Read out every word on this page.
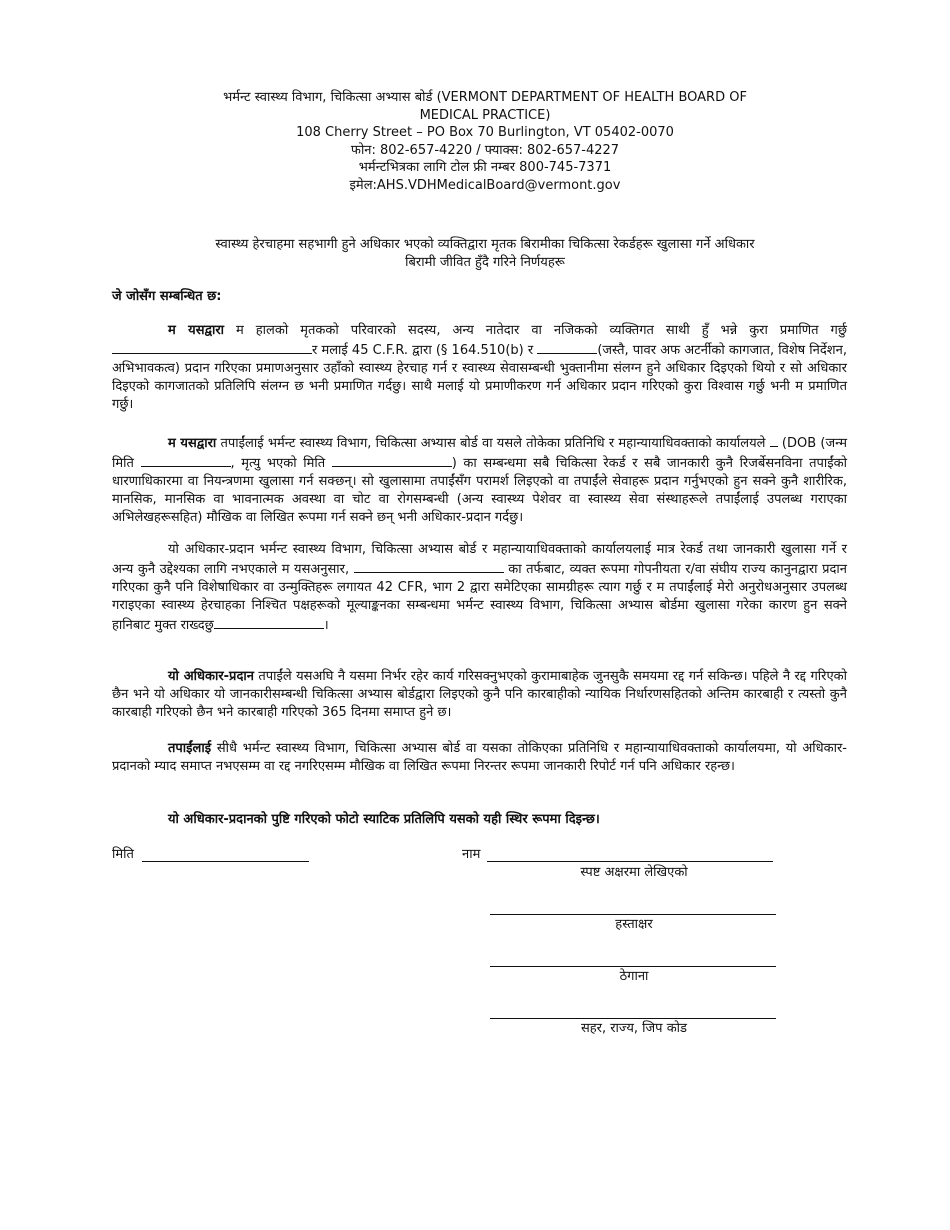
भर्मन्ट स्वास्थ्य विभाग, चिकित्सा अभ्यास बोर्ड (VERMONT DEPARTMENT OF HEALTH BOARD OF
MEDICAL PRACTICE)
108 Cherry Street – PO Box 70 Burlington, VT 05402-0070
फोन: 802-657-4220 / फ्याक्स: 802-657-4227
भर्मन्टभित्रका लागि टोल फ्री नम्बर 800-745-7371
इमेल:AHS.VDHMedicalBoard@vermont.gov
स्वास्थ्य हेरचाहमा सहभागी हुने अधिकार भएको व्यक्तिद्वारा मृतक बिरामीका चिकित्सा रेकर्डहरू खुलासा गर्ने अधिकार
बिरामी जीवित हुँदै गरिने निर्णयहरू
जे जोसँग सम्बन्धित छ:
म यसद्वारा म हालको मृतकको परिवारको सदस्य, अन्य नातेदार वा नजिकको व्यक्तिगत साथी हुँ भन्ने कुरा प्रमाणित गर्छु र मलाई 45 C.F.R. द्वारा (§ 164.510(b) र	(जस्तै, पावर अफ अटर्नीको कागजात, विशेष निर्देशन, अभिभावकत्व) प्रदान गरिएका प्रमाणअनुसार उहाँको स्वास्थ्य हेरचाह गर्न र स्वास्थ्य सेवासम्बन्धी भुक्तानीमा संलग्न हुने अधिकार दिइएको थियो र सो अधिकार दिइएको कागजातको प्रतिलिपि संलग्न छ भनी प्रमाणित गर्दछु। साथै मलाई यो प्रमाणीकरण गर्न अधिकार प्रदान गरिएको कुरा विश्वास गर्छु भनी म प्रमाणित गर्छु।
म यसद्वारा तपाईंलाई भर्मन्ट स्वास्थ्य विभाग, चिकित्सा अभ्यास बोर्ड वा यसले तोकेका प्रतिनिधि र महान्यायाधिवक्ताको कार्यालयले  (DOB (जन्म मिति	, मृत्यु भएको मिति	) का सम्बन्धमा सबै चिकित्सा रेकर्ड र सबै जानकारी कुनै रिजर्बेसनविना तपाईंको धारणाधिकारमा वा नियन्त्रणमा खुलासा गर्न सक्छन्। सो खुलासामा तपाईंसँग परामर्श लिइएको वा तपाईंले सेवाहरू प्रदान गर्नुभएको हुन सक्ने कुनै शारीरिक, मानसिक, मानसिक वा भावनात्मक अवस्था वा चोट वा रोगसम्बन्धी (अन्य स्वास्थ्य पेशेवर वा स्वास्थ्य सेवा संस्थाहरूले तपाईंलाई उपलब्ध गराएका अभिलेखहरूसहित) मौखिक वा लिखित रूपमा गर्न सक्ने छन् भनी अधिकार-प्रदान गर्दछु।
यो अधिकार-प्रदान भर्मन्ट स्वास्थ्य विभाग, चिकित्सा अभ्यास बोर्ड र महान्यायाधिवक्ताको कार्यालयलाई मात्र रेकर्ड तथा जानकारी खुलासा गर्ने र अन्य कुनै उद्देश्यका लागि नभएकाले म यसअनुसार,	का तर्फबाट, व्यक्त रूपमा गोपनीयता र/वा संघीय राज्य कानुनद्वारा प्रदान गरिएका कुनै पनि विशेषाधिकार वा उन्मुक्तिहरू लगायत 42 CFR, भाग 2 द्वारा समेटिएका सामग्रीहरू त्याग गर्छु र म तपाईंलाई मेरो अनुरोधअनुसार उपलब्ध गराइएका स्वास्थ्य हेरचाहका निश्चित पक्षहरूको मूल्याङ्कनका सम्बन्धमा भर्मन्ट स्वास्थ्य विभाग, चिकित्सा अभ्यास बोर्डमा खुलासा गरेका कारण हुन सक्ने हानिबाट मुक्त राख्दछु	।
यो अधिकार-प्रदान तपाईंले यसअघि नै यसमा निर्भर रहेर कार्य गरिसक्नुभएको कुरामाबाहेक जुनसुकै समयमा रद्द गर्न सकिन्छ। पहिले नै रद्द गरिएको छैन भने यो अधिकार यो जानकारीसम्बन्धी चिकित्सा अभ्यास बोर्डद्वारा लिइएको कुनै पनि कारबाहीको न्यायिक निर्धारणसहितको अन्तिम कारबाही र त्यस्तो कुनै कारबाही गरिएको छैन भने कारबाही गरिएको 365 दिनमा समाप्त हुने छ।
तपाईंलाई सीधै भर्मन्ट स्वास्थ्य विभाग, चिकित्सा अभ्यास बोर्ड वा यसका तोकिएका प्रतिनिधि र महान्यायाधिवक्ताको कार्यालयमा, यो अधिकार-प्रदानको म्याद समाप्त नभएसम्म वा रद्द नगरिएसम्म मौखिक वा लिखित रूपमा निरन्तर रूपमा जानकारी रिपोर्ट गर्न पनि अधिकार रहन्छ।
यो अधिकार-प्रदानको पुष्टि गरिएको फोटो स्याटिक प्रतिलिपि यसको यही स्थिर रूपमा दिइन्छ।
मिति	नाम
स्पष्ट अक्षरमा लेखिएको
हस्ताक्षर
ठेगाना
सहर, राज्य, जिप कोड
